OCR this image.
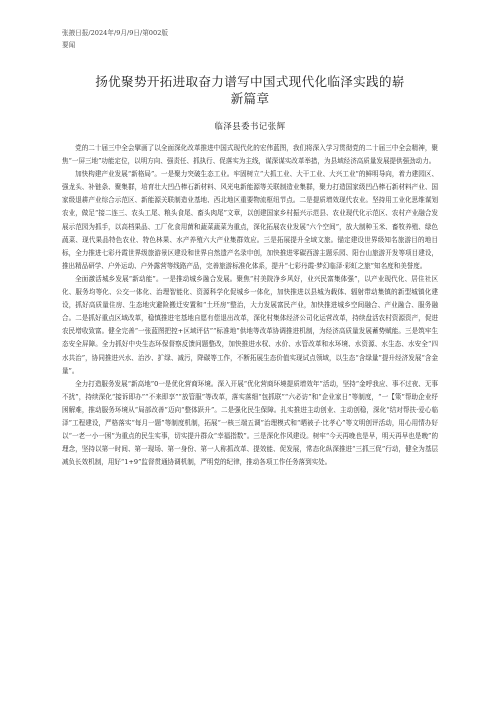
张掖日报/2024年/9月/9日/第002版
要闻
扬优聚势开拓进取奋力谱写中国式现代化临泽实践的崭
新篇章
临泽县委书记张辉

党的二十届三中全会擘画了以全面深化改革推进中国式现代化的宏伟蓝图，我们将深入学习贯彻党的二十届三中全会精神，聚焦“一屏三地”功能定位，以明方向、强责任、抓执行、促落实为主线，谋深谋实改革举措，为县域经济高质量发展提供强劲动力。

加快构建产业发展“新格局”。一是聚力突破生态工业。牢固树立“大抓工业、大干工业、大兴工业”的鲜明导向，着力建园区、强龙头、补链条、聚集群，培育壮大凹凸棒石新材料、风光电新能源等关联制造业集群，聚力打造国家级凹凸棒石新材料产业、国家级退耕产业综合示范区、新能源关联制造业基地、西北地区重要物流枢纽节点。二是提质增效现代农业。坚持用工业化思维谋划农业，做足“接二连三、农头工尾、粮头食尾、畜头肉尾”文章，以创建国家乡村振兴示范县、农业现代化示范区、农村产业融合发展示范园为抓手，以高档果品、工厂化食用菌和蔬菜蔬菜为重点，深化拓展农业发展“六个空间”，放大制种玉米、畜牧养殖、绿色蔬菜、现代果品特色农业、特色林果、水产养殖六大产业集群效应。三是拓展提升全域文旅。锚定建设世界级知名旅游目的地目标，全力推进七彩丹霞世界级旅游景区建设和世界自然遗产名录申创，加快推进零碳西游主题乐园、阳台山旅游开发等项目建设，推出精品研学、户外运动、户外露营等线路产品，完善旅游标准化体系，提升“七彩丹霞·梦幻临泽·彩虹之旅”知名度和美誉度。

全面激活城乡发展“新动能”。一是推动城乡融合发展。聚焦“村美院净乡风好，业兴民富集体强”，以产业现代化、居住社区化、服务均等化、公交一体化、治理智能化、资源科学化促城乡一体化，加快推进以县城为载体、辐射带动集镇的新型城镇化建设，抓好高质量住房、生态地灾避险搬迁安置和“土坯房”整治，大力发展富民产业，加快推进城乡空间融合、产业融合、服务融合。二是抓好重点区域改革，稳慎推进宅基地自愿有偿退出改革，深化村集体经济公司化运营改革，持续盘活农村资源资产，促进农民增收致富。健全完善“一张蓝图把控+区域评估”“标准地”供地等改革协调推进机制，为经济高质量发展蓄势赋能。三是筑牢生态安全屏障。全力抓好中央生态环保督察反馈问题整改，加快推进水权、水价、水管改革和水环境、水资源、水生态、水安全“四水共治”，协同推进兴水、治沙、扩绿、减污，降碳等工作，不断拓展生态价值实现试点领域，以生态“含绿量”提升经济发展“含金量”。

全力打造服务发展“新高地”0一是优化营商环境。深入开展“优化营商环境提质增效年”活动，坚持“金呼我应、事不过夜、无事不扰”，持续深化“接诉即办”“不来即享”“放管服”等改革，落实落细“包抓联”“六必访”和“企业家日”等制度，“一【策”帮助企业纾困解难，推动服务环境从“局部改善”迈向“整体跃升”。二是强化民生保障。扎实推进主动创业、主动创稳，深化“结对帮扶·爱心临泽”工程建设，严格落实“每月一题”等制度机制，拓展“一核三端五调”治理模式和“晒被子·比孝心”等文明创评活动，用心用情办好以“一老一小一困”为重点的民生实事，切实提升群众“幸福指数”。三是深化作风建设。树牢“今天再晚也是早，明天再早也是晚”的理念，坚持以第一时间、第一现场、第一身份、第一人称抓改革、提效能、促发展，常态化纵深推进“三抓三促”行动，健全为基层减负长效机制，用好“1+9”监督贯通协调机制，严明党的纪律，推动各项工作任务落到实处。
